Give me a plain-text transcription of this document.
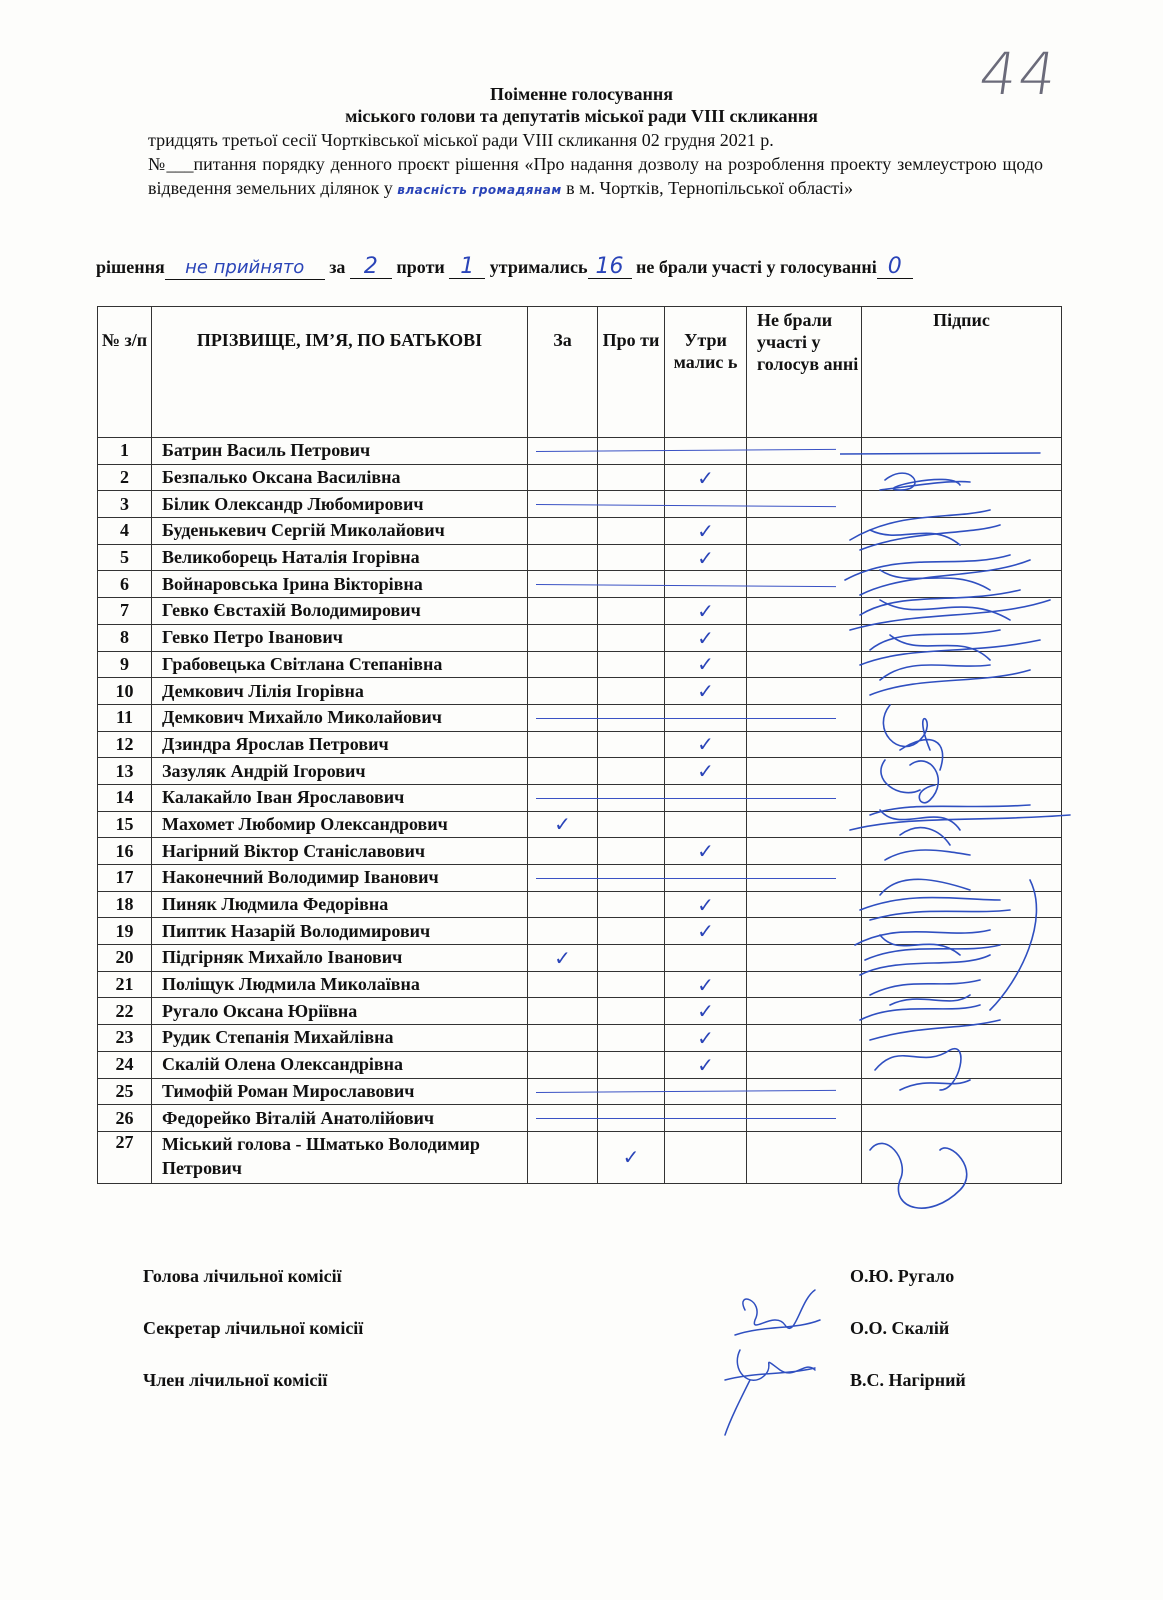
44
Поіменне голосування
міського голови та депутатів міської ради VIII скликання
тридцять третьої сесії Чортківської міської ради VIII скликання 02 грудня 2021 р.
№___питання порядку денного проєкт рішення «Про надання дозволу на розроблення проекту землеустрою щодо відведення земельних ділянок у власність громадянам в м. Чортків, Тернопільської області»
рішення не прийнято за 2 проти 1 утримались 16 не брали участі у голосуванні 0
№ з/п	ПРІЗВИЩЕ, ІМ’Я, ПО БАТЬКОВІ	За	Про ти	Утри малис ь	Не брали участі у голосув анні	Підпис
1	Батрин Василь Петрович	

2	Безпалько Оксана Василівна			✓		
3	Білик Олександр Любомирович	

4	Буденькевич Сергій Миколайович			✓		
5	Великоборець Наталія Ігорівна			✓		
6	Войнаровська Ірина Вікторівна	

7	Гевко Євстахій Володимирович			✓		
8	Гевко Петро Іванович			✓		
9	Грабовецька Світлана Степанівна			✓		
10	Демкович Лілія Ігорівна			✓		
11	Демкович Михайло Миколайович	

12	Дзиндра Ярослав Петрович			✓		
13	Зазуляк Андрій Ігорович			✓		
14	Калакайло Іван Ярославович	

15	Махомет Любомир Олександрович	✓				
16	Нагірний Віктор Станіславович			✓		
17	Наконечний Володимир Іванович	

18	Пиняк Людмила Федорівна			✓		
19	Пиптик Назарій Володимирович			✓		
20	Підгірняк Михайло Іванович	✓				
21	Поліщук Людмила Миколаївна			✓		
22	Ругало Оксана Юріївна			✓		
23	Рудик Степанія Михайлівна			✓		
24	Скалій Олена Олександрівна			✓		
25	Тимофій Роман Мирославович	

26	Федорейко Віталій Анатолійович	

27	Міський голова - Шматько Володимир Петрович		✓			
Голова лічильної комісії	О.Ю. Ругало
Секретар лічильної комісії	О.О. Скалій
Член лічильної комісії	В.С. Нагірний
